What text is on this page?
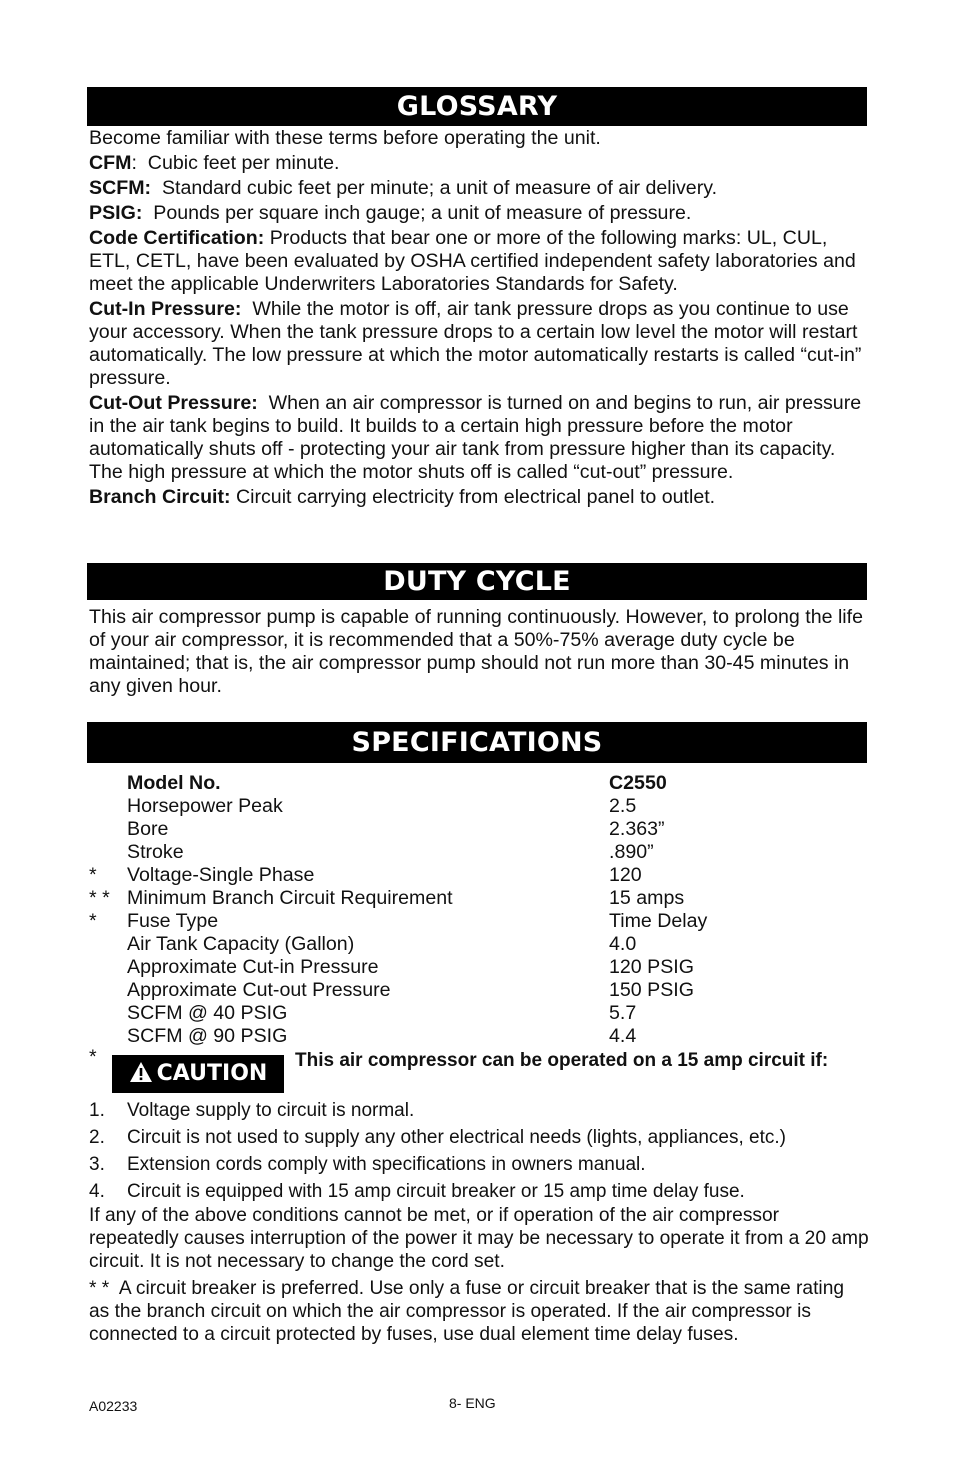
GLOSSARY

Become familiar with these terms before operating the unit.

CFM:  Cubic feet per minute.

SCFM: Standard cubic feet per minute; a unit of measure of air delivery.

PSIG: Pounds per square inch gauge; a unit of measure of pressure.

Code Certification: Products that bear one or more of the following marks: UL, CUL, ETL, CETL, have been evaluated by OSHA certified independent safety laboratories and meet the applicable Underwriters Laboratories Standards for Safety.

Cut-In Pressure: While the motor is off, air tank pressure drops as you continue to use your accessory. When the tank pressure drops to a certain low level the motor will restart automatically. The low pressure at which the motor automatically restarts is called “cut-in” pressure.

Cut-Out Pressure: When an air compressor is turned on and begins to run, air pressure in the air tank begins to build. It builds to a certain high pressure before the motor automatically shuts off - protecting your air tank from pressure higher than its capacity. The high pressure at which the motor shuts off is called “cut-out” pressure.

Branch Circuit: Circuit carrying electricity from electrical panel to outlet.

DUTY CYCLE

This air compressor pump is capable of running continuously. However, to prolong the life of your air compressor, it is recommended that a 50%-75% average duty cycle be maintained; that is, the air compressor pump should not run more than 30-45 minutes in any given hour.

SPECIFICATIONS
Model No.	C2550
Horsepower Peak	2.5
Bore	2.363”
Stroke	.890”
*	Voltage-Single Phase	120
* * Minimum Branch Circuit Requirement	15 amps
*	Fuse Type	Time Delay
Air Tank Capacity (Gallon)	4.0
Approximate Cut-in Pressure	120 PSIG
Approximate Cut-out Pressure	150 PSIG
SCFM @ 40 PSIG	5.7
SCFM @ 90 PSIG	4.4
*
CAUTION
This air compressor can be operated on a 15 amp circuit if:
1. Voltage supply to circuit is normal.
2. Circuit is not used to supply any other electrical needs (lights, appliances, etc.)
3. Extension cords comply with specifications in owners manual.
4. Circuit is equipped with 15 amp circuit breaker or 15 amp time delay fuse.
If any of the above conditions cannot be met, or if operation of the air compressor repeatedly causes interruption of the power it may be necessary to operate it from a 20 amp circuit. It is not necessary to change the cord set.
* *  A circuit breaker is preferred. Use only a fuse or circuit breaker that is the same rating as the branch circuit on which the air compressor is operated. If the air compressor is connected to a circuit protected by fuses, use dual element time delay fuses.
A02233	8- ENG
